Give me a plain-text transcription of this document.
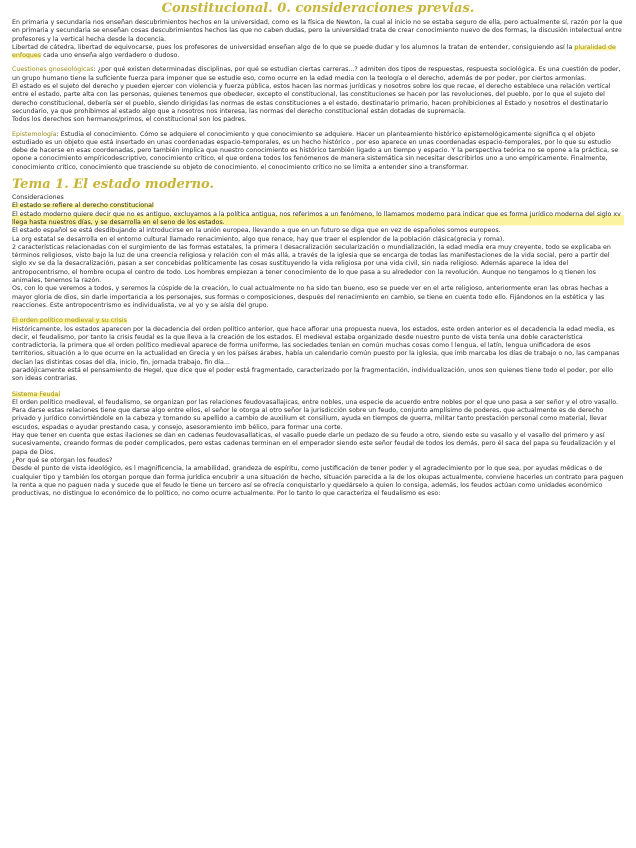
Constitucional. 0. consideraciones previas.

En primaria y secundaria nos enseñan descubrimientos hechos en la universidad, como es la física de Newton, la cual al inicio no se estaba seguro de ella, pero actualmente sí, razón por la que en primaria y secundaria se enseñan cosas descubrimientos hechos las que no caben dudas, pero la universidad trata de crear conocimiento nuevo de dos formas, la discusión intelectual entre profesores y la vertical hecha desde la docencia.

Libertad de cátedra, libertad de equivocarse, pues los profesores de universidad enseñan algo de lo que se puede dudar y los alumnos la tratan de entender, consiguiendo así la pluralidad de enfoques cada uno enseña algo verdadero o dudoso.

Cuestiones gnoseológicas: ¿por qué existen determinadas disciplinas, por qué se estudian ciertas carreras...? admiten dos tipos de respuestas, respuesta sociológica. Es una cuestión de poder, un grupo humano tiene la suficiente fuerza para imponer que se estudie eso, como ocurre en la edad media con la teología o el derecho, además de por poder, por ciertos armonías.

El estado es el sujeto del derecho y pueden ejercer con violencia y fuerza pública, estos hacen las normas jurídicas y nosotros sobre los que recae, el derecho establece una relación vertical entre el estado, parte alta con las personas, quienes tenemos que obedecer, excepto el constitucional, las constituciones se hacen por las revoluciones, del pueblo, por lo que el sujeto del derecho constitucional, debería ser el pueblo, siendo dirigidas las normas de estas constituciones a el estado, destinatario primario, hacen prohibiciones al Estado y nosotros el destinatario secundario, ya que prohibimos al estado algo que a nosotros nos interesa, las normas del derecho constitucional están dotadas de supremacía.

Todos los derechos son hermanos/primos, el constitucional son los padres.

Epistemología: Estudia el conocimiento. Cómo se adquiere el conocimiento y que conocimiento se adquiere. Hacer un planteamiento histórico epistemológicamente significa q el objeto estudiado es un objeto que está insertado en unas coordenadas espacio-temporales, es un hecho histórico , por eso aparece en unas coordenadas espacio-temporales, por lo que su estudio debe de hacerse en esas coordenadas, pero también implica que nuestro conocimiento es histórico también ligado a un tiempo y espacio. Y la perspectiva teórica no se opone a la práctica, se opone a conocimiento empíricodescriptivo, conocimiento crítico, el que ordena todos los fenómenos de manera sistemática sin necesitar describirlos uno a uno empíricamente. Finalmente, conocimiento crítico, conocimiento que trasciende su objeto de conocimiento. el conocimiento crítico no se limita a entender sino a transformar.

Tema 1. El estado moderno.

Consideraciones

El estado se refiere al derecho constitucional

El estado moderno quiere decir que no es antiguo, excluyamos a la política antigua, nos referimos a un fenómeno, lo llamamos moderno para indicar que es forma jurídico moderna del siglo xv llega hasta nuestros días, y se desarrolla en el seno de los estados.

El estado español se está desdibujando al introducirse en la unión europea, llevando a que en un futuro se diga que en vez de españoles somos europeos.

La org estatal se desarrolla en el entorno cultural llamado renacimiento, algo que renace, hay que traer el esplendor de la población clásica(grecia y roma).

2 características relacionadas con el surgimiento de las formas estatales, la primera l desacralización secularización o mundialización, la edad media era muy creyente, todo se explicaba en términos religiosos, visto bajo la luz de una creencia religiosa y relación con el más allá, a través de la iglesia que se encarga de todas las manifestaciones de la vida social, pero a partir del siglo xv se da la desacralización, pasan a ser concebidas políticamente las cosas sustituyendo la vida religiosa por una vida civil, sin nada religioso. Además aparece la idea del antropocentrismo, el hombre ocupa el centro de todo. Los hombres empiezan a tener conocimiento de lo que pasa a su alrededor con la revolución. Aunque no tengamos lo q tienen los animales, tenemos la razón.

Os, con lo que veremos a todos, y seremos la cúspide de la creación, lo cual actualmente no ha sido tan bueno, eso se puede ver en el arte religioso, anteriormente eran las obras hechas a mayor gloria de dios, sin darle importancia a los personajes, sus formas o composiciones, después del renacimiento en cambio, se tiene en cuenta todo ello. Fijándonos en la estética y las reacciones. Este antropocentrismo es individualista, ve al yo y se aísla del grupo.

El orden político medieval y su crisis

Históricamente, los estados aparecen por la decadencia del orden político anterior, que hace aflorar una propuesta nueva, los estados, este orden anterior es el decadencia la edad media, es decir, el feudalismo, por tanto la crisis feudal es la que lleva a la creación de los estados. El medieval estaba organizado desde nuestro punto de vista tenía una doble característica contradictoria, la primera que el orden político medieval aparece de forma uniforme, las sociedades tenían en común muchas cosas como l lengua, el latín, lengua unificadora de esos territorios, situación a lo que ocurre en la actualidad en Grecia y en los países árabes, había un calendario común puesto por la iglesia, que imb marcaba los días de trabajo o no, las campanas decían las distintas cosas del día, inicio, fin, jornada trabajo, fin día...

paradójicamente está el pensamiento de Hegel, que dice que el poder está fragmentado, caracterizado por la fragmentación, individualización, unos son quienes tiene todo el poder, por ello son ideas contrarias.

Sistema Feudal

El orden político medieval, el feudalismo, se organizan por las relaciones feudovasallajicas, entre nobles, una especie de acuerdo entre nobles por el que uno pasa a ser señor y el otro vasallo. Para darse estas relaciones tiene que darse algo entre ellos, el señor le otorga al otro señor la jurisdicción sobre un feudo, conjunto amplísimo de poderes, que actualmente es de derecho privado y jurídico convirtiéndole en la cabeza y tomando su apellido a cambio de auxilium et consilium, ayuda en tiempos de guerra, militar tanto prestación personal como material, llevar escudos, espadas o ayudar prestando casa, y consejo, asesoramiento imb bélico, para formar una corte.

Hay que tener en cuenta que estas ilaciones se dan en cadenas feudovasallaticas, el vasallo puede darle un pedazo de su feudo a otro, siendo este su vasallo y el vasallo del primero y así sucesivamente, creando formas de poder complicados, pero estas cadenas terminan en el emperador siendo este señor feudal de todos los demás, pero él saca del papa su feudalización y el papa de Dios.

¿Por qué se otorgan los feudos?

Desde el punto de vista ideológico, es l magnificencia, la amabilidad, grandeza de espíritu, como justificación de tener poder y el agradecimiento por lo que sea, por ayudas médicas o de cualquier tipo y también los otorgan porque dan forma jurídica encubrir a una situación de hecho, situación parecida a la de los okupas actualmente, conviene hacerles un contrato para paguen la renta a que no paguen nada y sucede que el feudo le tiene un tercero así se ofrecía conquistarlo y quedárselo a quien lo consiga, además, los feudos actúan como unidades económico productivas, no distingue lo económico de lo político, no como ocurre actualmente. Por lo tanto lo que caracteriza el feudalismo es eso:
